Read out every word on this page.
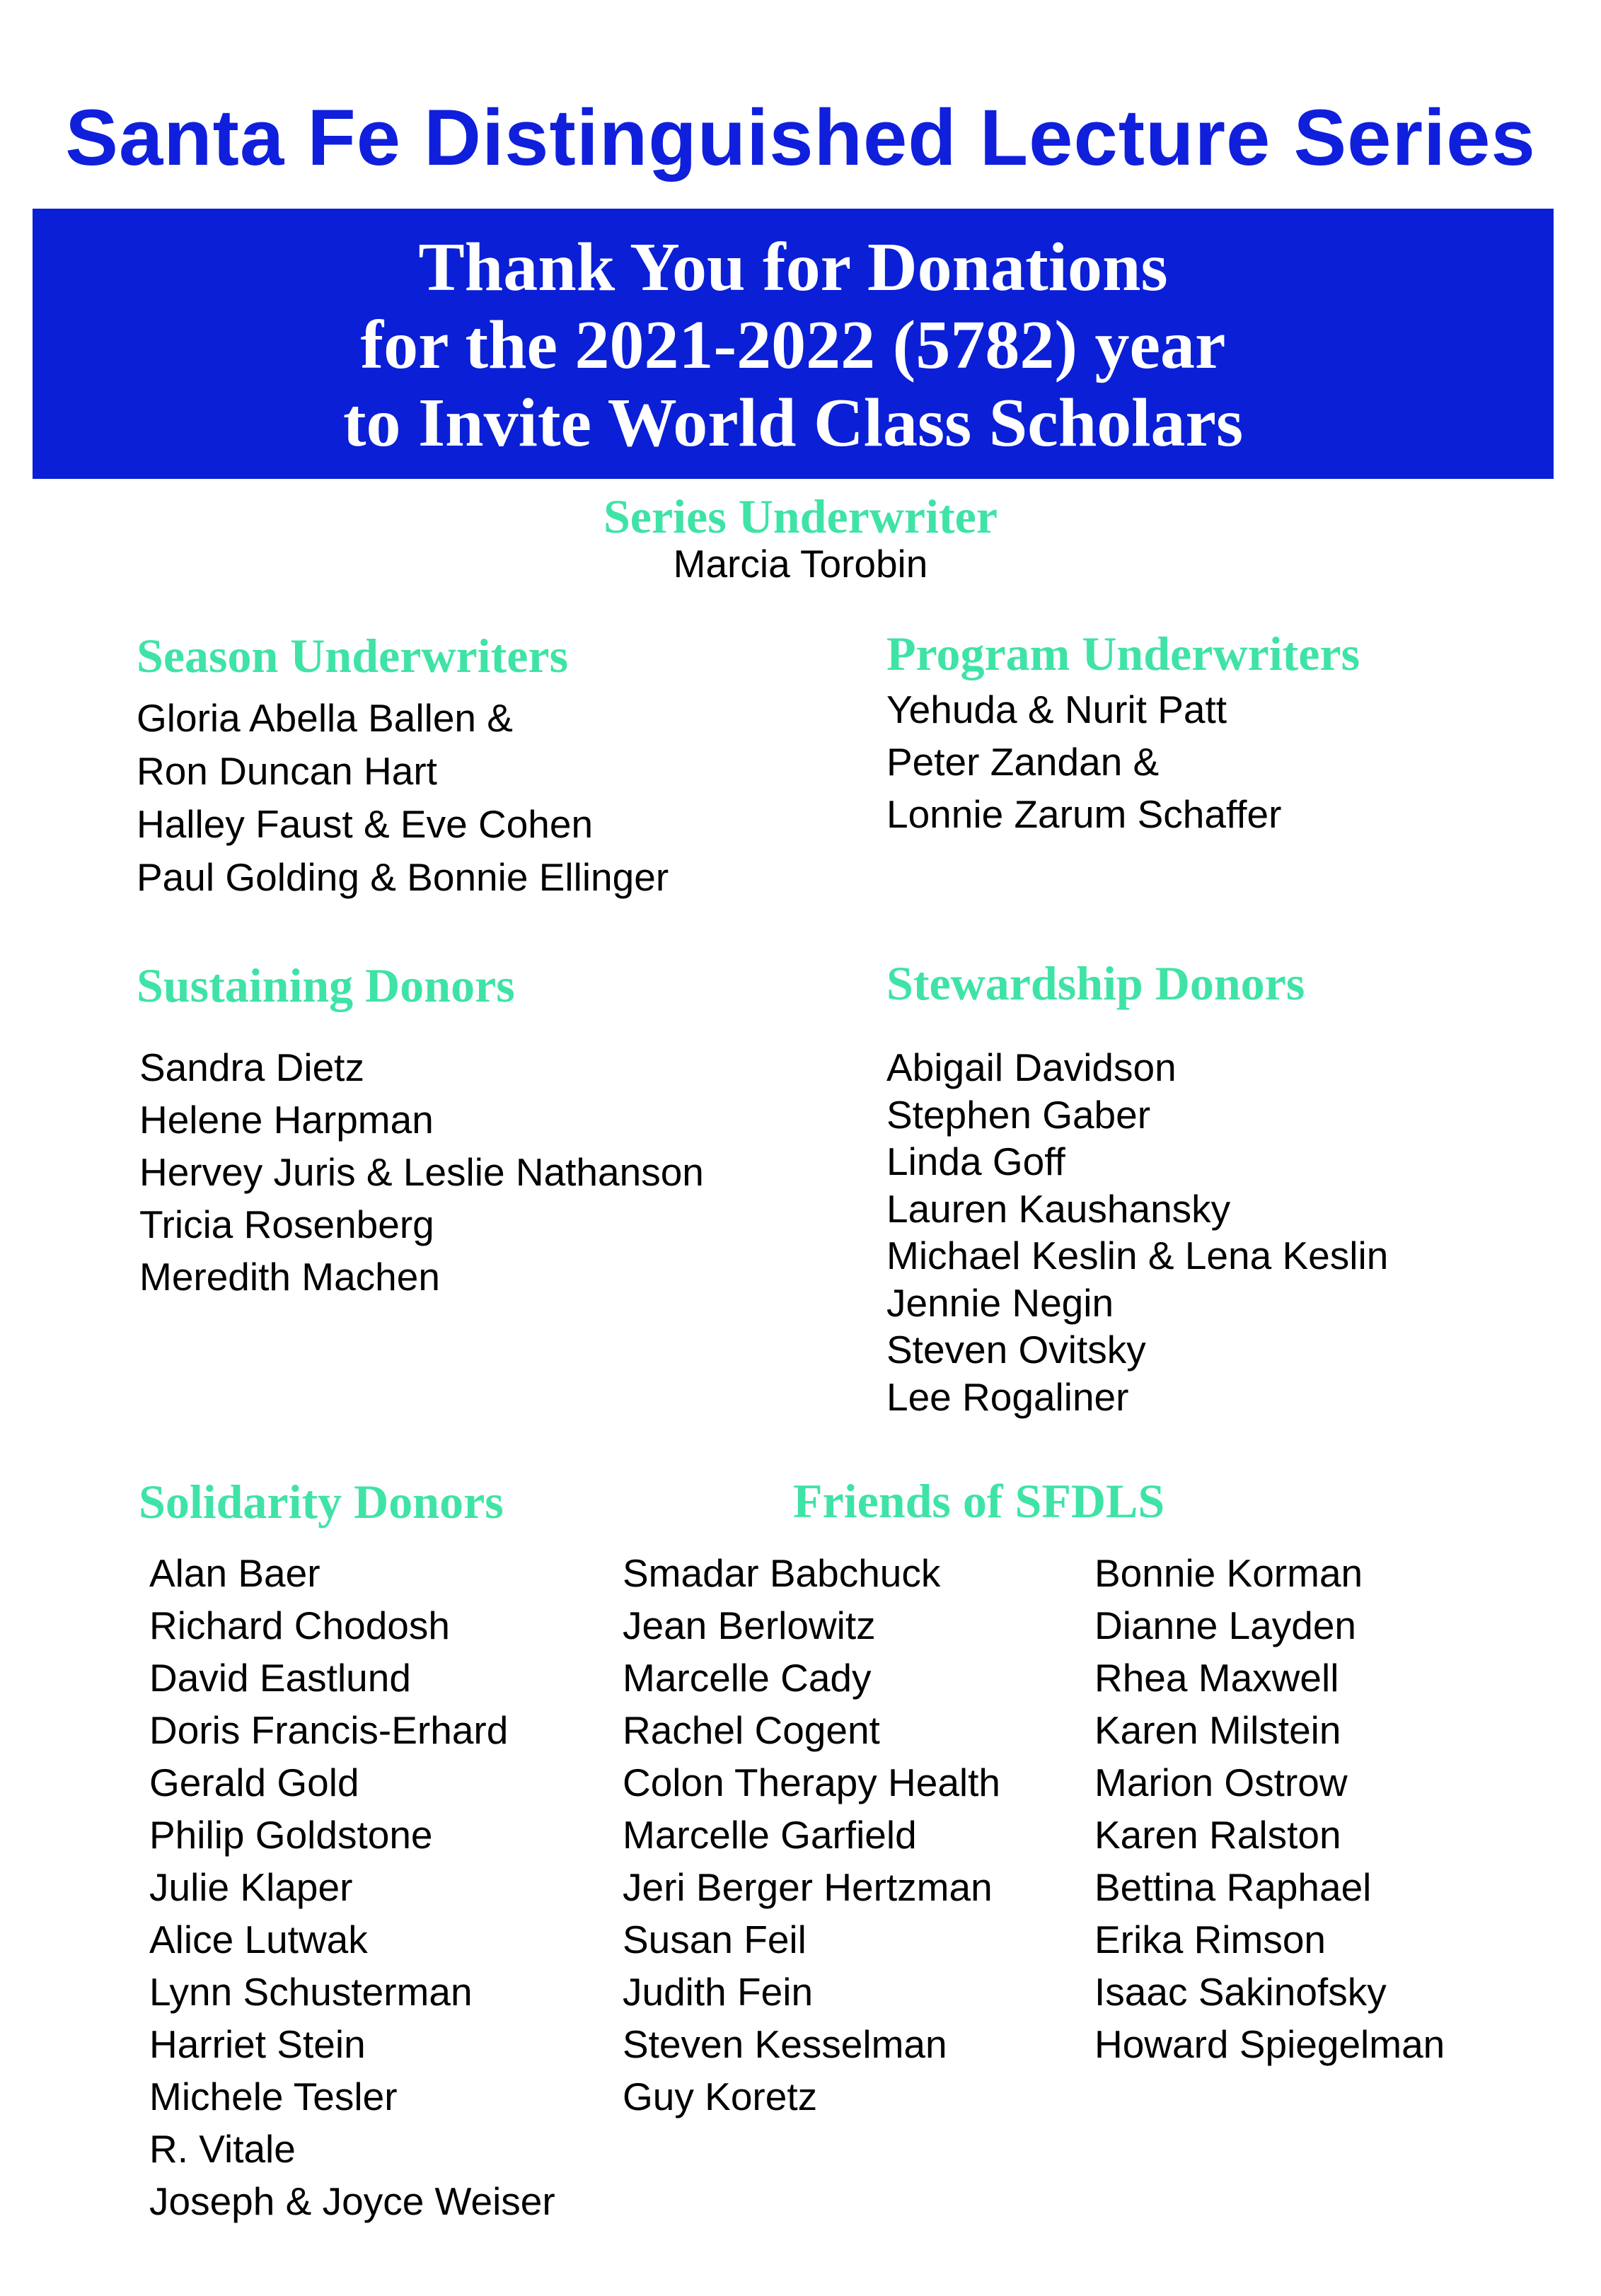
Santa Fe Distinguished Lecture Series
Thank You for Donations
for the 2021-2022 (5782) year
to Invite World Class Scholars
Series Underwriter
Marcia Torobin
Season Underwriters
Gloria Abella Ballen &
Ron Duncan Hart
Halley Faust & Eve Cohen
Paul Golding & Bonnie Ellinger
Program Underwriters
Yehuda & Nurit Patt
Peter Zandan &
Lonnie Zarum Schaffer
Sustaining Donors
Sandra Dietz
Helene Harpman
Hervey Juris & Leslie Nathanson
Tricia Rosenberg
Meredith Machen
Stewardship Donors
Abigail Davidson
Stephen Gaber
Linda Goff
Lauren Kaushansky
Michael Keslin & Lena Keslin
Jennie Negin
Steven Ovitsky
Lee Rogaliner
Solidarity Donors
Alan Baer
Richard Chodosh
David Eastlund
Doris Francis-Erhard
Gerald Gold
Philip Goldstone
Julie Klaper
Alice Lutwak
Lynn Schusterman
Harriet Stein
Michele Tesler
R. Vitale
Joseph & Joyce Weiser
Friends of SFDLS
Smadar Babchuck
Jean Berlowitz
Marcelle Cady
Rachel Cogent
Colon Therapy Health
Marcelle Garfield
Jeri Berger Hertzman
Susan Feil
Judith Fein
Steven Kesselman
Guy Koretz
Bonnie Korman
Dianne Layden
Rhea Maxwell
Karen Milstein
Marion Ostrow
Karen Ralston
Bettina Raphael
Erika Rimson
Isaac Sakinofsky
Howard Spiegelman
